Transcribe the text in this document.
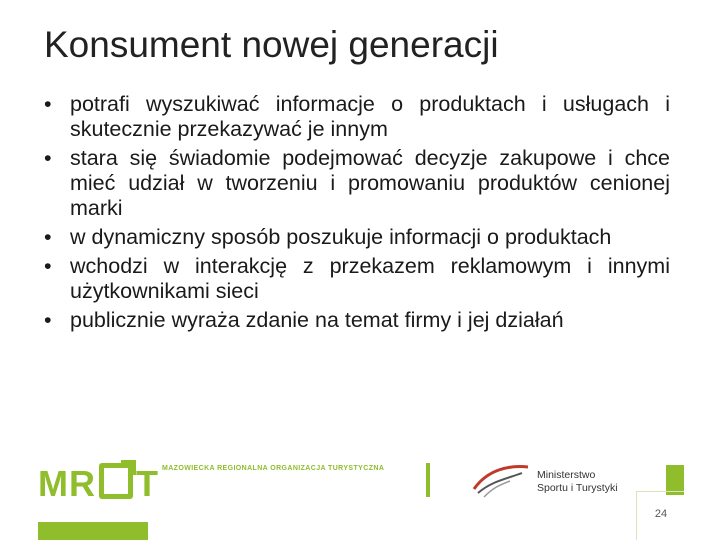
Konsument nowej generacji
• potrafi wyszukiwać informacje o produktach i usługach i skutecznie przekazywać je innym
• stara się świadomie podejmować decyzje zakupowe i chce mieć udział w tworzeniu i promowaniu produktów cenionej marki
• w dynamiczny sposób poszukuje informacji o produktach
• wchodzi w interakcję z przekazem reklamowym i innymi użytkownikami sieci
• publicznie wyraża zdanie na temat firmy i jej działań
MR T MAZOWIECKA REGIONALNA ORGANIZACJA TURYSTYCZNA
Ministerstwo
Sportu i Turystyki
24
